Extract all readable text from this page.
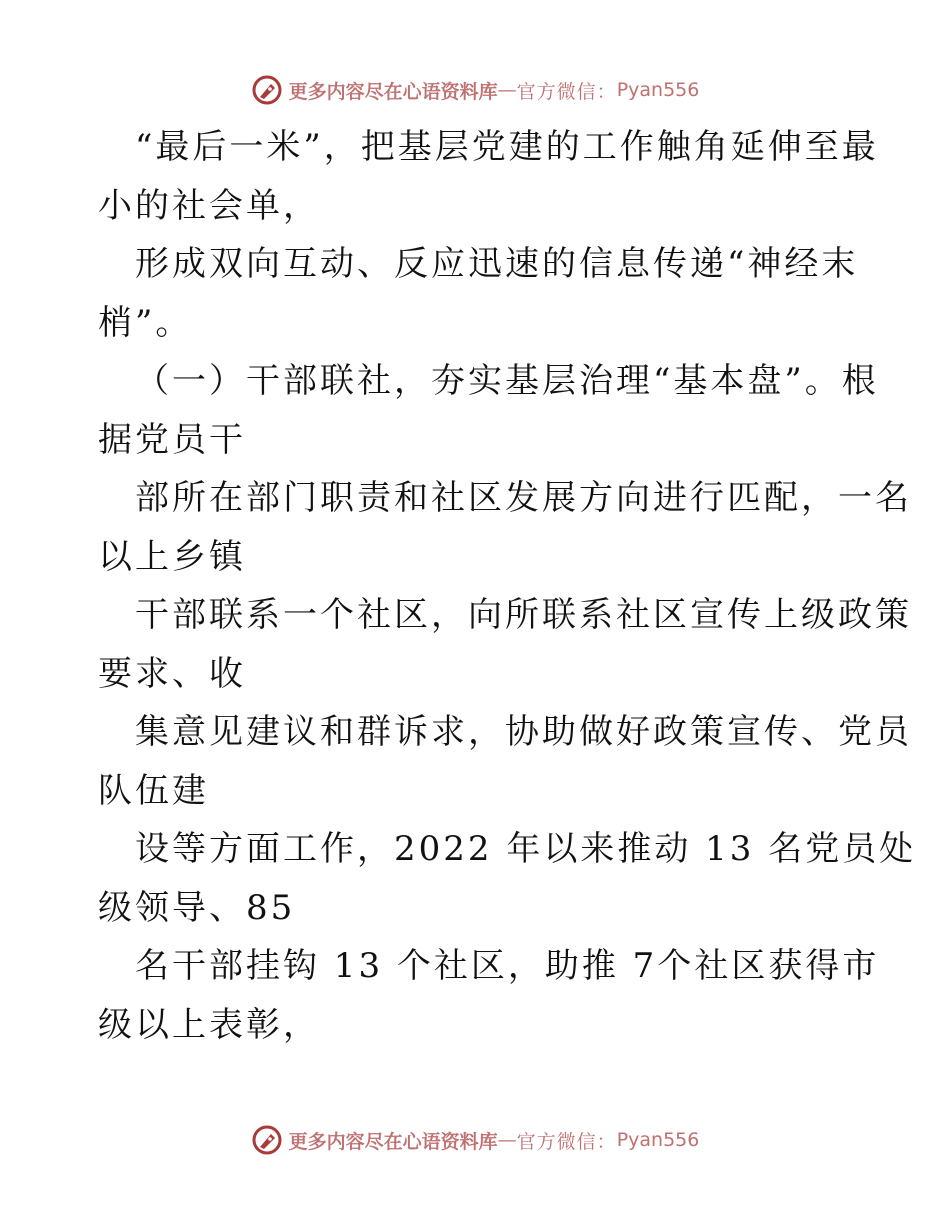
更多内容尽在心语资料库 — 官方微信： Pyan556
“最后一米”，把基层党建的工作触角延伸至最
小的社会单，
形成双向互动、反应迅速的信息传递“神经末
梢”。
（一）干部联社，夯实基层治理“基本盘”。根
据党员干
部所在部门职责和社区发展方向进行匹配，一名
以上乡镇
干部联系一个社区，向所联系社区宣传上级政策
要求、收
集意见建议和群诉求，协助做好政策宣传、党员
队伍建
设等方面工作，2022 年以来推动 13 名党员处
级领导、85
名干部挂钩 13 个社区，助推 7个社区获得市
级以上表彰，
更多内容尽在心语资料库 — 官方微信： Pyan556
